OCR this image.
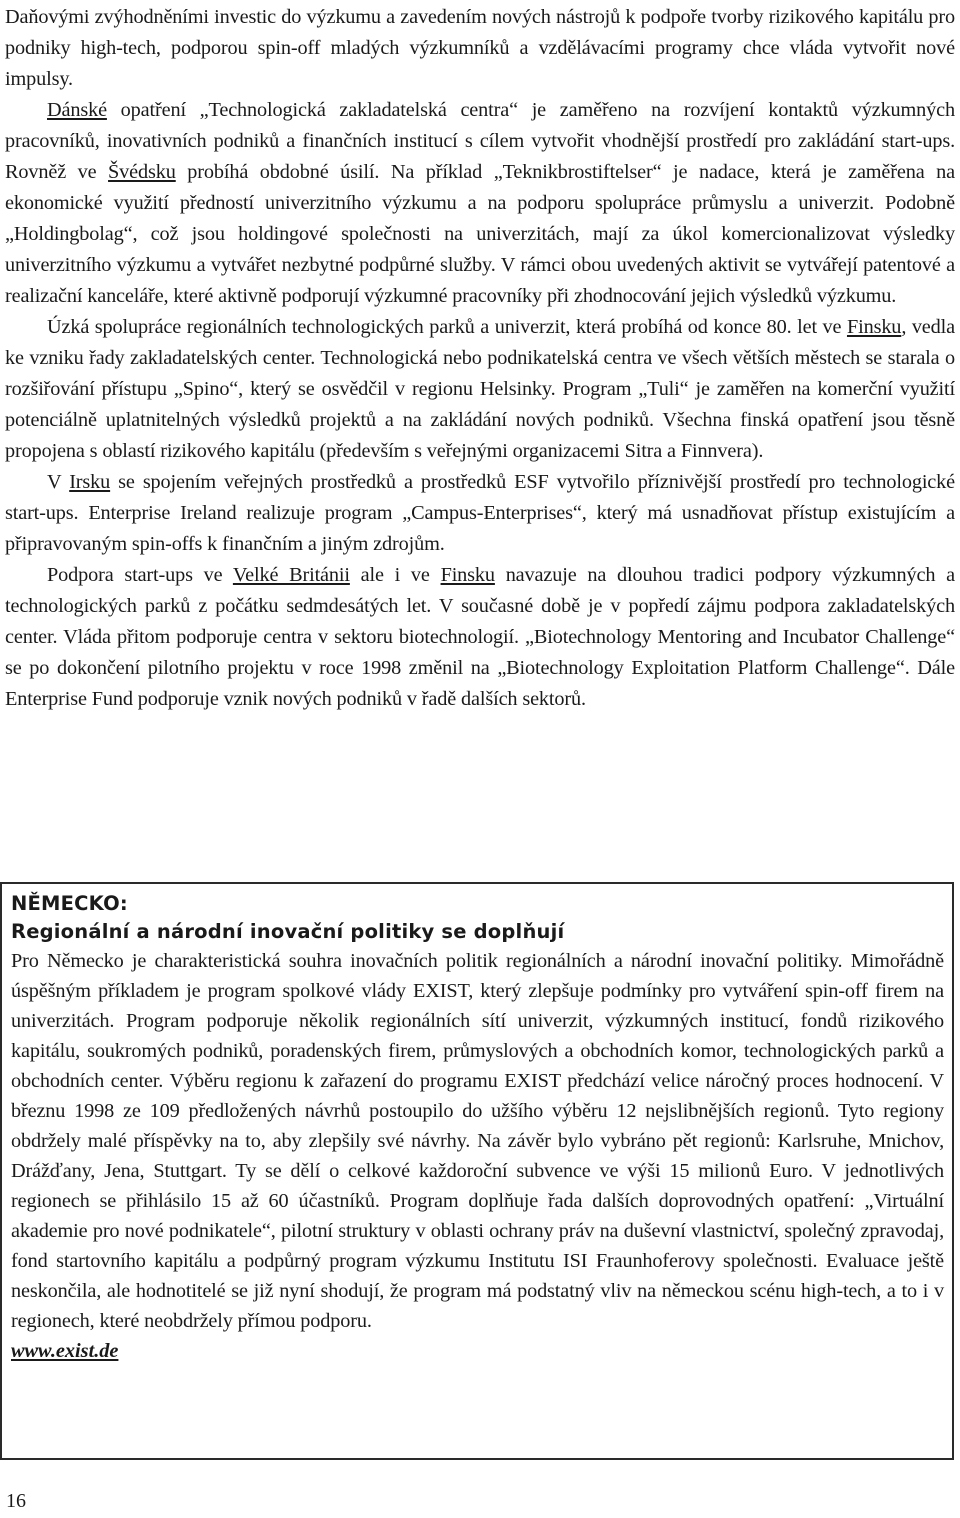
Daňovými zvýhodněními investic do výzkumu a zavedením nových nástrojů k podpoře tvorby rizikového kapitálu pro podniky high-tech, podporou spin-off mladých výzkumníků a vzdělávacími programy chce vláda vytvořit nové impulsy.

Dánské opatření „Technologická zakladatelská centra“ je zaměřeno na rozvíjení kontaktů výzkumných pracovníků, inovativních podniků a finančních institucí s cílem vytvořit vhodnější prostředí pro zakládání start-ups. Rovněž ve Švédsku probíhá obdobné úsilí. Na příklad „Teknikbrostiftelser“ je nadace, která je zaměřena na ekonomické využití předností univerzitního výzkumu a na podporu spolupráce průmyslu a univerzit. Podobně „Holdingbolag“, což jsou holdingové společnosti na univerzitách, mají za úkol komercionalizovat výsledky univerzitního výzkumu a vytvářet nezbytné podpůrné služby. V rámci obou uvedených aktivit se vytvářejí patentové a realizační kanceláře, které aktivně podporují výzkumné pracovníky při zhodnocování jejich výsledků výzkumu.

Úzká spolupráce regionálních technologických parků a univerzit, která probíhá od konce 80. let ve Finsku, vedla ke vzniku řady zakladatelských center. Technologická nebo podnikatelská centra ve všech větších městech se starala o rozšiřování přístupu „Spino“, který se osvědčil v regionu Helsinky. Program „Tuli“ je zaměřen na komerční využití potenciálně uplatnitelných výsledků projektů a na zakládání nových podniků. Všechna finská opatření jsou těsně propojena s oblastí rizikového kapitálu (především s veřejnými organizacemi Sitra a Finnvera).

V Irsku se spojením veřejných prostředků a prostředků ESF vytvořilo příznivější prostředí pro technologické start-ups. Enterprise Ireland realizuje program „Campus-Enterprises“, který má usnadňovat přístup existujícím a připravovaným spin-offs k finančním a jiným zdrojům.

Podpora start-ups ve Velké Británii ale i ve Finsku navazuje na dlouhou tradici podpory výzkumných a technologických parků z počátku sedmdesátých let. V současné době je v popředí zájmu podpora zakladatelských center. Vláda přitom podporuje centra v sektoru biotechnologií. „Biotechnology Mentoring and Incubator Challenge“ se po dokončení pilotního projektu v roce 1998 změnil na „Biotechnology Exploitation Platform Challenge“. Dále Enterprise Fund podporuje vznik nových podniků v řadě dalších sektorů.

NĚMECKO:
Regionální a národní inovační politiky se doplňují

Pro Německo je charakteristická souhra inovačních politik regionálních a národní inovační politiky. Mimořádně úspěšným příkladem je program spolkové vlády EXIST, který zlepšuje podmínky pro vytváření spin-off firem na univerzitách. Program podporuje několik regionálních sítí univerzit, výzkumných institucí, fondů rizikového kapitálu, soukromých podniků, poradenských firem, průmyslových a obchodních komor, technologických parků a obchodních center. Výběru regionu k zařazení do programu EXIST předchází velice náročný proces hodnocení. V březnu 1998 ze 109 předložených návrhů postoupilo do užšího výběru 12 nejslibnějších regionů. Tyto regiony obdržely malé příspěvky na to, aby zlepšily své návrhy. Na závěr bylo vybráno pět regionů: Karlsruhe, Mnichov, Drážďany, Jena, Stuttgart. Ty se dělí o celkové každoroční subvence ve výši 15 milionů Euro. V jednotlivých regionech se přihlásilo 15 až 60 účastníků. Program doplňuje řada dalších doprovodných opatření: „Virtuální akademie pro nové podnikatele“, pilotní struktury v oblasti ochrany práv na duševní vlastnictví, společný zpravodaj, fond startovního kapitálu a podpůrný program výzkumu Institutu ISI Fraunhoferovy společnosti. Evaluace ještě neskončila, ale hodnotitelé se již nyní shodují, že program má podstatný vliv na německou scénu high-tech, a to i v regionech, které neobdržely přímou podporu.

www.exist.de
16
